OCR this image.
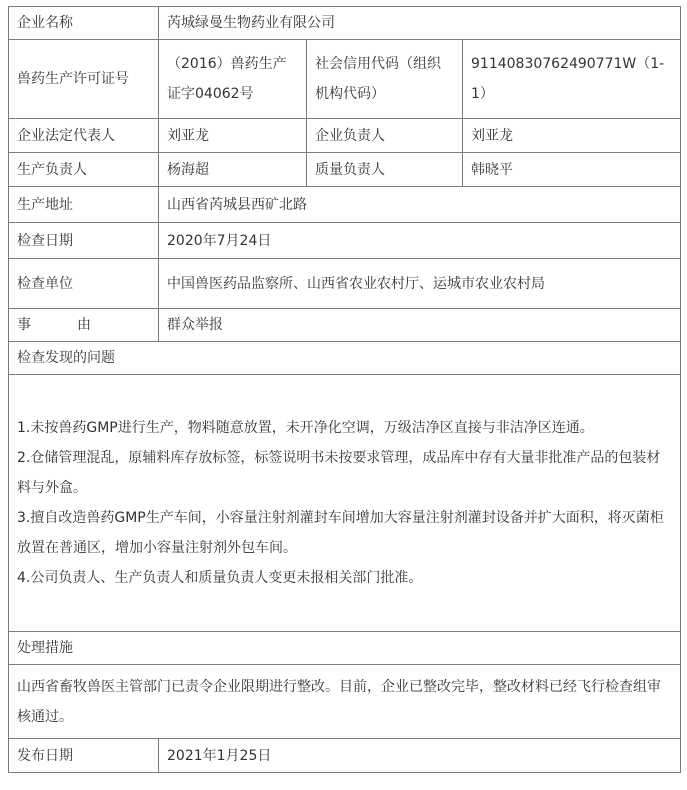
企业名称	芮城绿曼生物药业有限公司		
兽药生产许可证号	（2016）兽药生产证字04062号	社会信用代码（组织机构代码）	91140830762490771W（1-1）
企业法定代表人	刘亚龙	企业负责人	刘亚龙
生产负责人	杨海超	质量负责人	韩晓平
生产地址	山西省芮城县西矿北路		
检查日期	2020年7月24日		
检查单位	中国兽医药品监察所、山西省农业农村厅、运城市农业农村局		
事　由	群众举报		
检查发现的问题			

1.未按兽药GMP进行生产，物料随意放置，未开净化空调，万级洁净区直接与非洁净区连通。

2.仓储管理混乱，原辅料库存放标签，标签说明书未按要求管理，成品库中存有大量非批准产品的包装材料与外盒。

3.擅自改造兽药GMP生产车间，小容量注射剂灌封车间增加大容量注射剂灌封设备并扩大面积，将灭菌柜放置在普通区，增加小容量注射剂外包车间。

4.公司负责人、生产负责人和质量负责人变更未报相关部门批准。			

处理措施			
山西省畜牧兽医主管部门已责令企业限期进行整改。目前，企业已整改完毕，整改材料已经飞行检查组审核通过。			
发布日期	2021年1月25日		
